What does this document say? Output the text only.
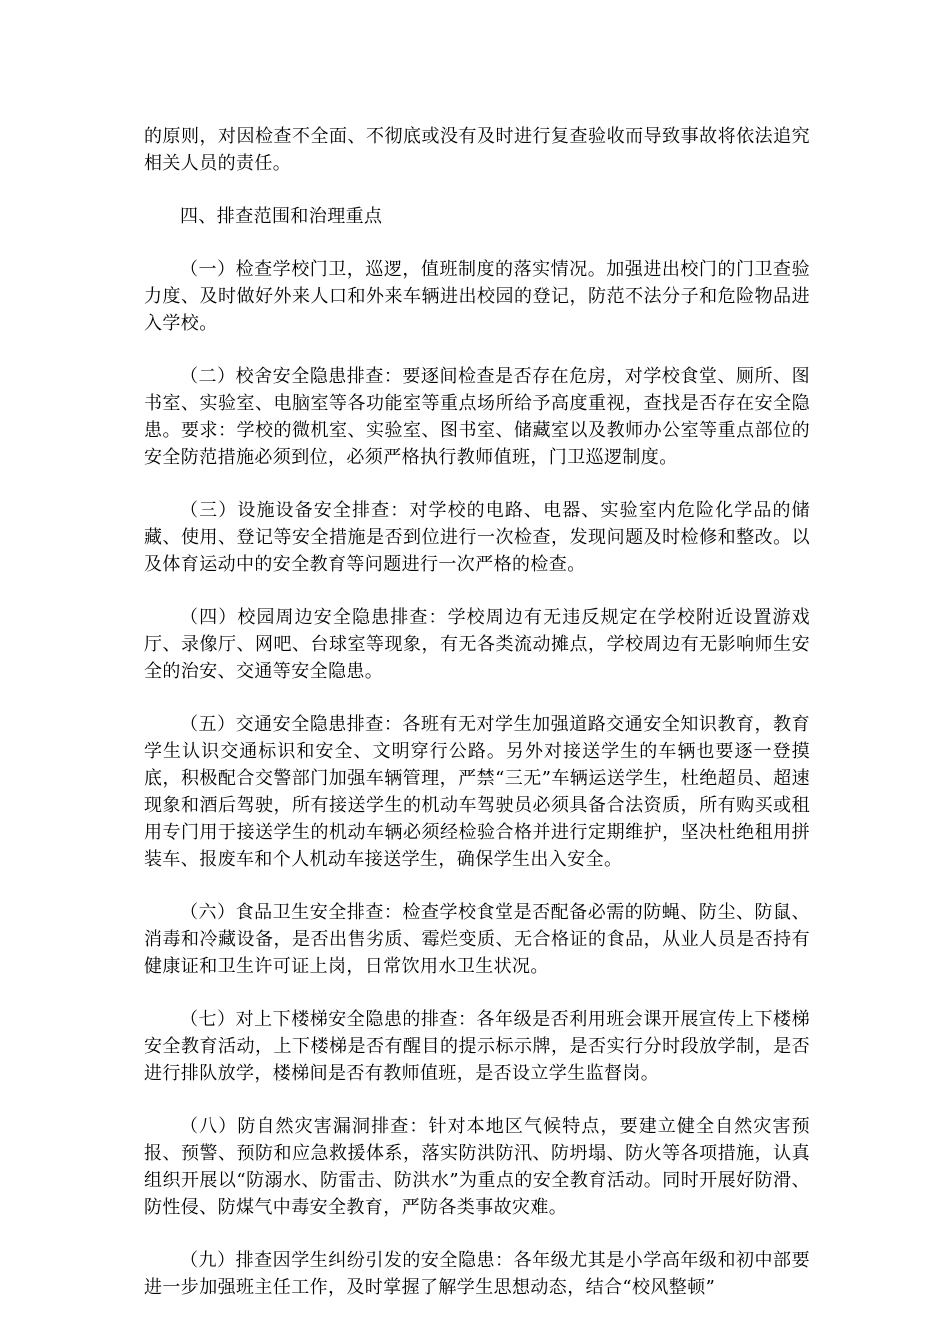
的原则，对因检查不全面、不彻底或没有及时进行复查验收而导致事故将依法追究相关人员的责任。

四、排查范围和治理重点

（一）检查学校门卫，巡逻，值班制度的落实情况。加强进出校门的门卫查验力度、及时做好外来人口和外来车辆进出校园的登记，防范不法分子和危险物品进入学校。

（二）校舍安全隐患排查：要逐间检查是否存在危房，对学校食堂、厕所、图书室、实验室、电脑室等各功能室等重点场所给予高度重视，查找是否存在安全隐患。要求：学校的微机室、实验室、图书室、储藏室以及教师办公室等重点部位的安全防范措施必须到位，必须严格执行教师值班，门卫巡逻制度。

（三）设施设备安全排查：对学校的电路、电器、实验室内危险化学品的储藏、使用、登记等安全措施是否到位进行一次检查，发现问题及时检修和整改。以及体育运动中的安全教育等问题进行一次严格的检查。

（四）校园周边安全隐患排查：学校周边有无违反规定在学校附近设置游戏厅、录像厅、网吧、台球室等现象，有无各类流动摊点，学校周边有无影响师生安全的治安、交通等安全隐患。

（五）交通安全隐患排查：各班有无对学生加强道路交通安全知识教育，教育学生认识交通标识和安全、文明穿行公路。另外对接送学生的车辆也要逐一登摸底，积极配合交警部门加强车辆管理，严禁“三无”车辆运送学生，杜绝超员、超速现象和酒后驾驶，所有接送学生的机动车驾驶员必须具备合法资质，所有购买或租用专门用于接送学生的机动车辆必须经检验合格并进行定期维护，坚决杜绝租用拼装车、报废车和个人机动车接送学生，确保学生出入安全。

（六）食品卫生安全排查：检查学校食堂是否配备必需的防蝇、防尘、防鼠、消毒和冷藏设备，是否出售劣质、霉烂变质、无合格证的食品，从业人员是否持有健康证和卫生许可证上岗，日常饮用水卫生状况。

（七）对上下楼梯安全隐患的排查：各年级是否利用班会课开展宣传上下楼梯安全教育活动，上下楼梯是否有醒目的提示标示牌，是否实行分时段放学制，是否进行排队放学，楼梯间是否有教师值班，是否设立学生监督岗。

（八）防自然灾害漏洞排查：针对本地区气候特点，要建立健全自然灾害预报、预警、预防和应急救援体系，落实防洪防汛、防坍塌、防火等各项措施，认真组织开展以“防溺水、防雷击、防洪水”为重点的安全教育活动。同时开展好防滑、防性侵、防煤气中毒安全教育，严防各类事故灾难。

（九）排查因学生纠纷引发的安全隐患：各年级尤其是小学高年级和初中部要进一步加强班主任工作，及时掌握了解学生思想动态，结合“校风整顿”
